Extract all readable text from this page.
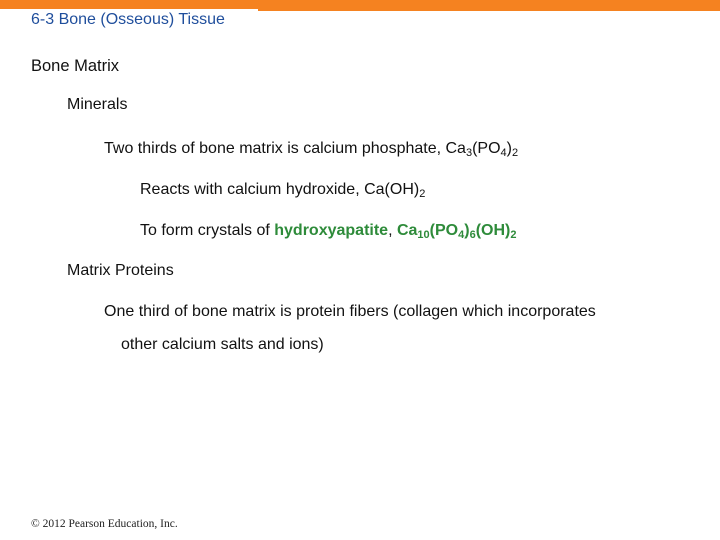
6-3 Bone (Osseous) Tissue
Bone Matrix
Minerals
Two thirds of bone matrix is calcium phosphate, $Ca_3(PO_4)_2$
Reacts with calcium hydroxide, $Ca(OH)_2$
To form crystals of hydroxyapatite, $Ca_{10}(PO_4)_6(OH)_2$
Matrix Proteins
One third of bone matrix is protein fibers (collagen which incorporates
other calcium salts and ions)
© 2012 Pearson Education, Inc.
